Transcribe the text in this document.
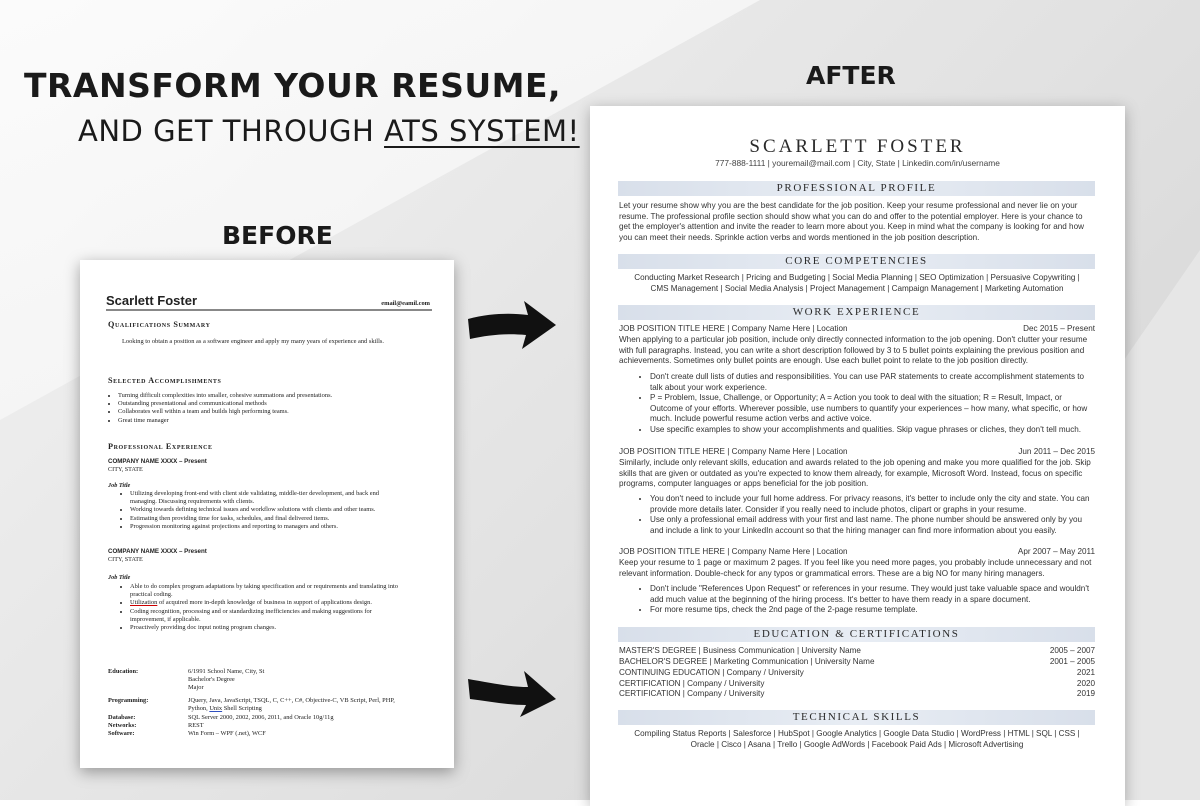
TRANSFORM YOUR RESUME,
AND GET THROUGH ATS SYSTEM!
BEFORE
AFTER
Scarlett Foster	email@eamil.com
Qualifications Summary
Looking to obtain a position as a software engineer and apply my many years of experience and skills.
Selected Accomplishments
• Turning difficult complexities into smaller, cohesive summations and presentations.
• Outstanding presentational and communicational methods
• Collaborates well within a team and builds high performing teams.
• Great time manager
Professional Experience
COMPANY NAME XXXX – Present
CITY, STATE
Job Title
• Utilizing developing front-end with client side validating, middle-tier development, and back end managing. Discussing requirements with clients.
• Working towards defining technical issues and workflow solutions with clients and other teams.
• Estimating then providing time for tasks, schedules, and final delivered items.
• Progression monitoring against projections and reporting to managers and others.
COMPANY NAME XXXX – Present
CITY, STATE
Job Title
• Able to do complex program adaptations by taking specification and or requirements and translating into practical coding.
• Utilization of acquired more in-depth knowledge of business in support of applications design.
• Coding recognition, processing and or standardizing inefficiencies and making suggestions for improvement, if applicable.
• Proactively providing doc input noting program changes.
Education:	6/1991 School Name, City, St
Bachelor's Degree
Major
Programming:	JQuery, Java, JavaScript, TSQL, C, C++, C#, Objective-C, VB Script, Perl, PHP,
Python, Unix Shell Scripting
Database:	SQL Server 2000, 2002, 2006, 2011, and Oracle 10g/11g
Networks:	REST
Software:	Win Form – WPF (.net), WCF
SCARLETT FOSTER
777-888-1111 | youremail@mail.com | City, State | Linkedin.com/in/username
PROFESSIONAL PROFILE
Let your resume show why you are the best candidate for the job position. Keep your resume professional and never lie on your resume. The professional profile section should show what you can do and offer to the potential employer. Here is your chance to get the employer's attention and invite the reader to learn more about you. Keep in mind what the company is looking for and how you can meet their needs. Sprinkle action verbs and words mentioned in the job position description.
CORE COMPETENCIES
Conducting Market Research | Pricing and Budgeting | Social Media Planning | SEO Optimization | Persuasive Copywriting |
CMS Management | Social Media Analysis | Project Management | Campaign Management | Marketing Automation
WORK EXPERIENCE
JOB POSITION TITLE HERE | Company Name Here | Location	Dec 2015 – Present
When applying to a particular job position, include only directly connected information to the job opening. Don't clutter your resume with full paragraphs. Instead, you can write a short description followed by 3 to 5 bullet points explaining the previous position and achievements. Sometimes only bullet points are enough. Use each bullet point to relate to the job position directly.
• Don't create dull lists of duties and responsibilities. You can use PAR statements to create accomplishment statements to talk about your work experience.
• P = Problem, Issue, Challenge, or Opportunity; A = Action you took to deal with the situation; R = Result, Impact, or Outcome of your efforts. Wherever possible, use numbers to quantify your experiences – how many, what specific, or how much. Include powerful resume action verbs and active voice.
• Use specific examples to show your accomplishments and qualities. Skip vague phrases or cliches, they don't tell much.
JOB POSITION TITLE HERE | Company Name Here | Location	Jun 2011 – Dec 2015
Similarly, include only relevant skills, education and awards related to the job opening and make you more qualified for the job. Skip skills that are given or outdated as you're expected to know them already, for example, Microsoft Word. Instead, focus on specific programs, computer languages or apps beneficial for the job position.
• You don't need to include your full home address. For privacy reasons, it's better to include only the city and state. You can provide more details later. Consider if you really need to include photos, clipart or graphs in your resume.
• Use only a professional email address with your first and last name. The phone number should be answered only by you and include a link to your LinkedIn account so that the hiring manager can find more information about you easily.
JOB POSITION TITLE HERE | Company Name Here | Location	Apr 2007 – May 2011
Keep your resume to 1 page or maximum 2 pages. If you feel like you need more pages, you probably include unnecessary and not relevant information. Double-check for any typos or grammatical errors. These are a big NO for many hiring managers.
• Don't include "References Upon Request" or references in your resume. They would just take valuable space and wouldn't add much value at the beginning of the hiring process. It's better to have them ready in a spare document.
• For more resume tips, check the 2nd page of the 2-page resume template.
EDUCATION & CERTIFICATIONS
MASTER'S DEGREE | Business Communication | University Name	2005 – 2007
BACHELOR'S DEGREE | Marketing Communication | University Name	2001 – 2005
CONTINUING EDUCATION | Company / University	2021
CERTIFICATION | Company / University	2020
CERTIFICATION | Company / University	2019
TECHNICAL SKILLS
Compiling Status Reports | Salesforce | HubSpot | Google Analytics | Google Data Studio | WordPress | HTML | SQL | CSS |
Oracle | Cisco | Asana | Trello | Google AdWords | Facebook Paid Ads | Microsoft Advertising
